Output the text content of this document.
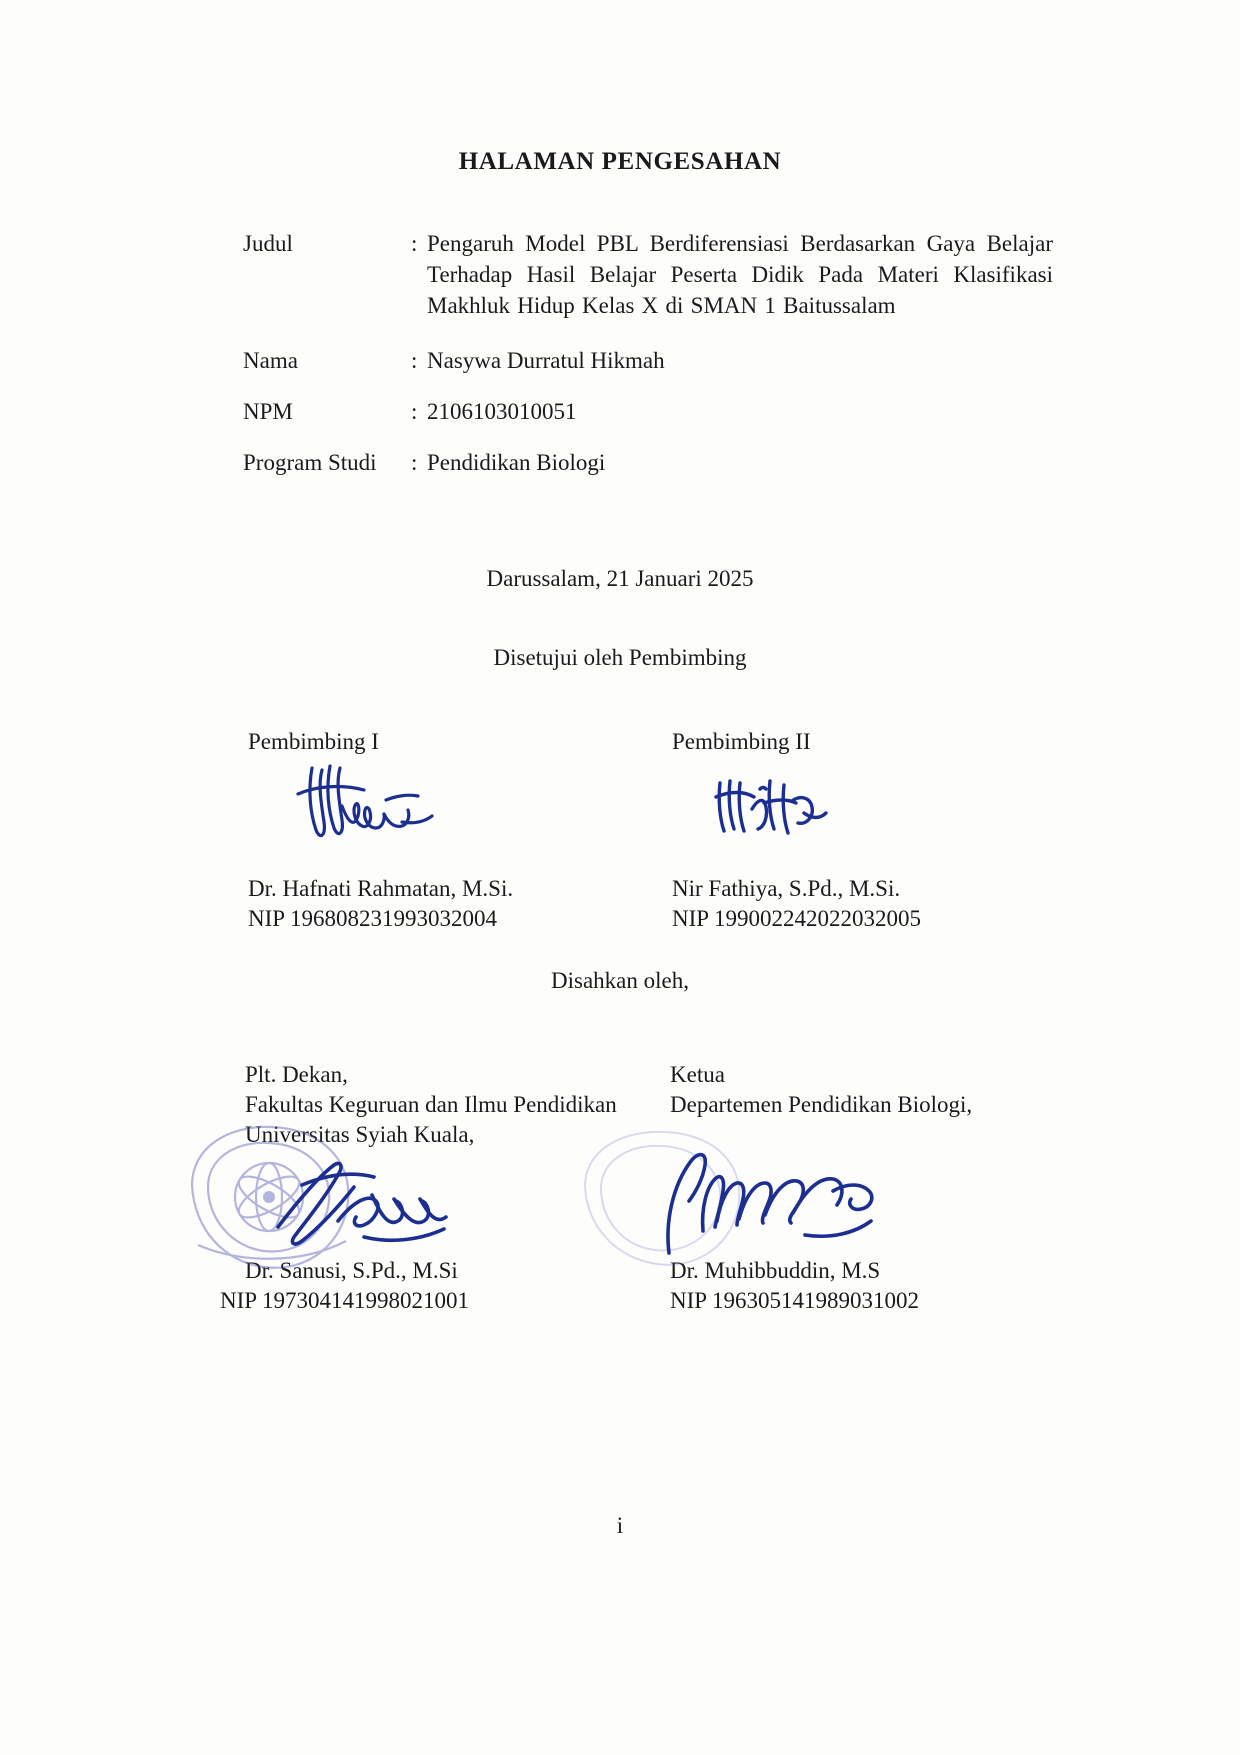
HALAMAN PENGESAHAN
Judul	: Pengaruh Model PBL Berdiferensiasi Berdasarkan Gaya Belajar Terhadap Hasil Belajar Peserta Didik Pada Materi Klasifikasi Makhluk Hidup Kelas X di SMAN 1 Baitussalam
Nama	: Nasywa Durratul Hikmah
NPM	: 2106103010051
Program Studi	: Pendidikan Biologi
Darussalam, 21 Januari 2025
Disetujui oleh Pembimbing
Disahkan oleh,
Pembimbing I
Dr. Hafnati Rahmatan, M.Si.
NIP 196808231993032004
Pembimbing II
Nir Fathiya, S.Pd., M.Si.
NIP 199002242022032005
Plt. Dekan,
Fakultas Keguruan dan Ilmu Pendidikan
Universitas Syiah Kuala,
Dr. Sanusi, S.Pd., M.Si
NIP 197304141998021001
Ketua
Departemen Pendidikan Biologi,
Dr. Muhibbuddin, M.S
NIP 196305141989031002
i
